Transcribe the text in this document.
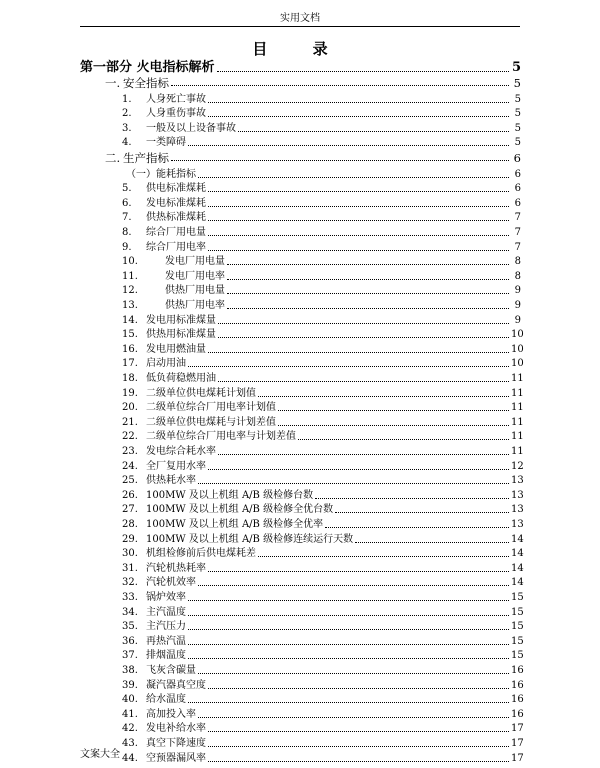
实用文档
目 录
第一部分 火电指标解析	5
一. 安全指标	5
1. 人身死亡事故	5
2. 人身重伤事故	5
3. 一般及以上设备事故	5
4. 一类障碍	5
二. 生产指标	6
（一）能耗指标	6
5. 供电标准煤耗	6
6. 发电标准煤耗	6
7. 供热标准煤耗	7
8. 综合厂用电量	7
9. 综合厂用电率	7
10.	发电厂用电量	8
11.	发电厂用电率	8
12.	供热厂用电量	9
13.	供热厂用电率	9
14. 发电用标准煤量	9
15. 供热用标准煤量	10
16. 发电用燃油量	10
17. 启动用油	10
18. 低负荷稳燃用油	11
19. 二级单位供电煤耗计划值	11
20. 二级单位综合厂用电率计划值	11
21. 二级单位供电煤耗与计划差值	11
22. 二级单位综合厂用电率与计划差值	11
23. 发电综合耗水率	11
24. 全厂复用水率	12
25. 供热耗水率	13
26. 100MW 及以上机组 A/B 级检修台数	13
27. 100MW 及以上机组 A/B 级检修全优台数	13
28. 100MW 及以上机组 A/B 级检修全优率	13
29. 100MW 及以上机组 A/B 级检修连续运行天数	14
30. 机组检修前后供电煤耗差	14
31. 汽轮机热耗率	14
32. 汽轮机效率	14
33. 锅炉效率	15
34. 主汽温度	15
35. 主汽压力	15
36. 再热汽温	15
37. 排烟温度	15
38. 飞灰含碳量	16
39. 凝汽器真空度	16
40. 给水温度	16
41. 高加投入率	16
42. 发电补给水率	17
43. 真空下降速度	17
44. 空预器漏风率	17
文案大全
